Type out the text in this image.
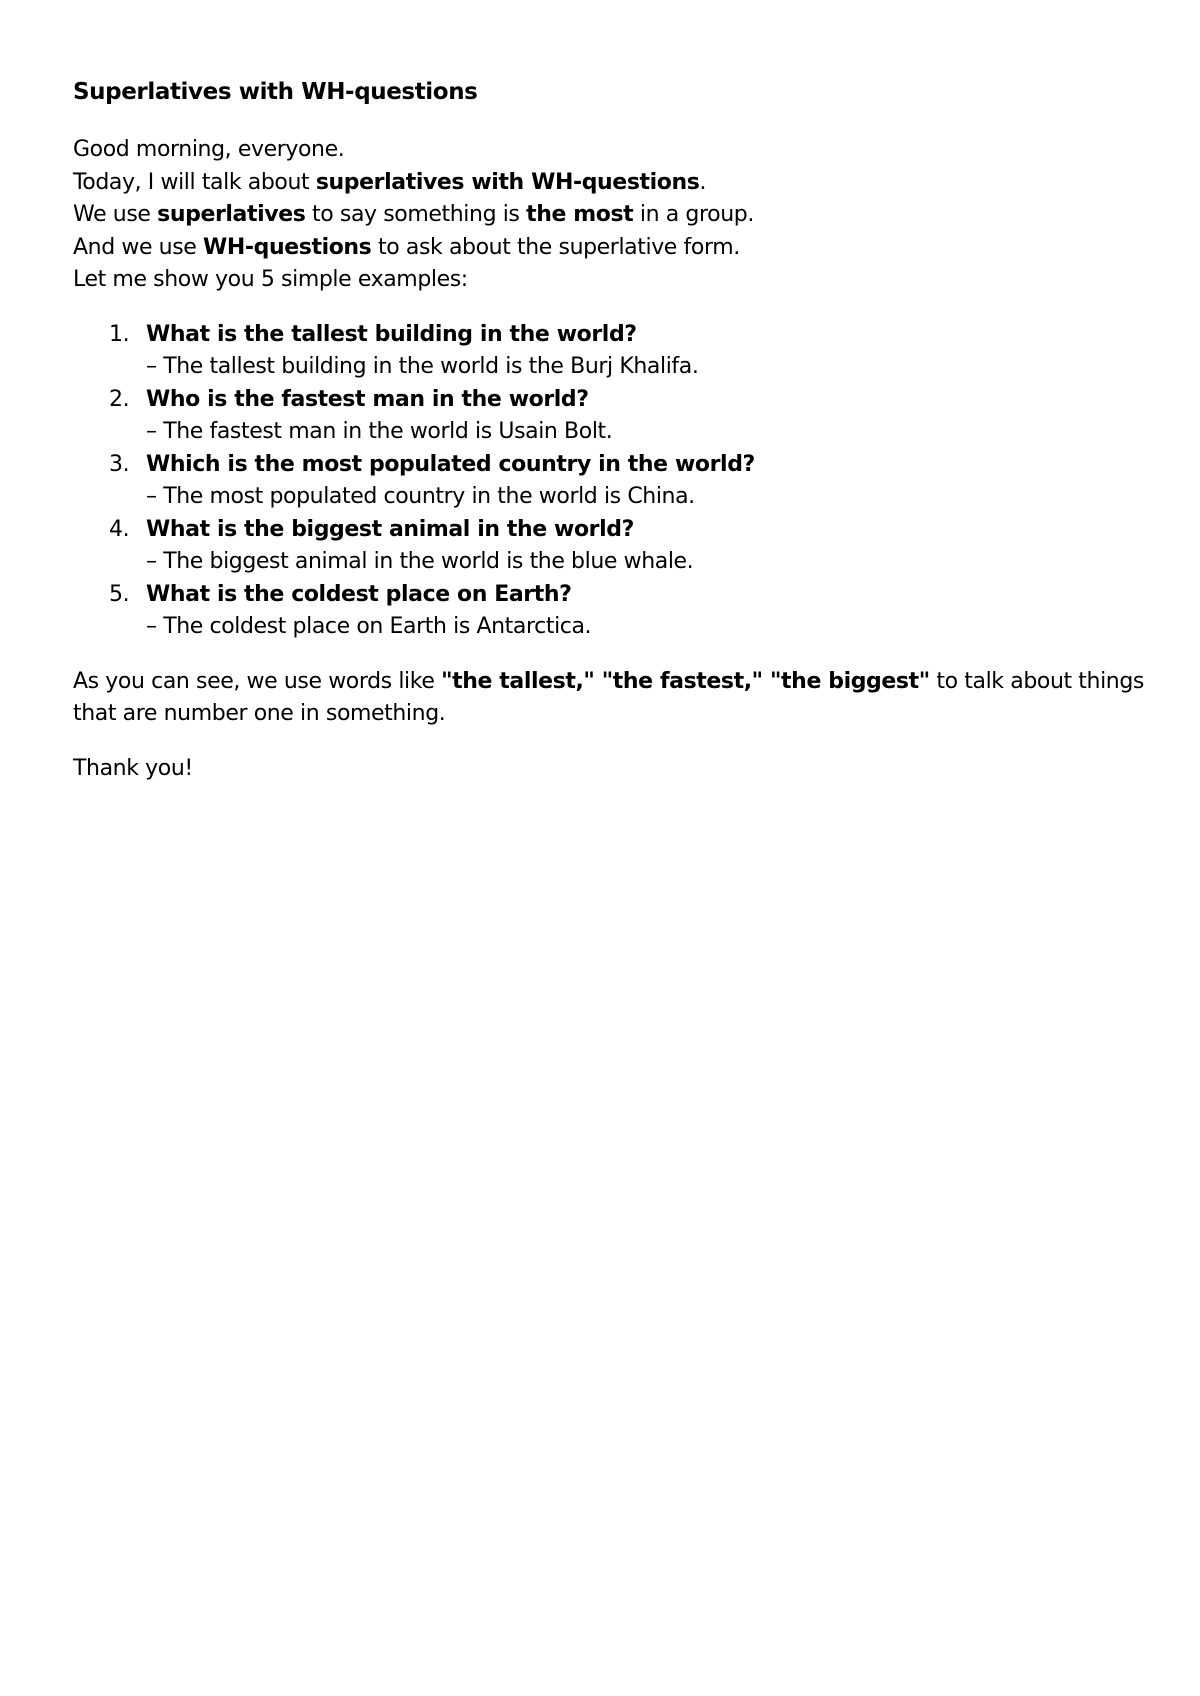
Superlatives with WH-questions
Good morning, everyone.
Today, I will talk about superlatives with WH-questions.
We use superlatives to say something is the most in a group.
And we use WH-questions to ask about the superlative form.
Let me show you 5 simple examples:
1. What is the tallest building in the world?
– The tallest building in the world is the Burj Khalifa.
2. Who is the fastest man in the world?
– The fastest man in the world is Usain Bolt.
3. Which is the most populated country in the world?
– The most populated country in the world is China.
4. What is the biggest animal in the world?
– The biggest animal in the world is the blue whale.
5. What is the coldest place on Earth?
– The coldest place on Earth is Antarctica.
As you can see, we use words like "the tallest," "the fastest," "the biggest" to talk about things
that are number one in something.

Thank you!
